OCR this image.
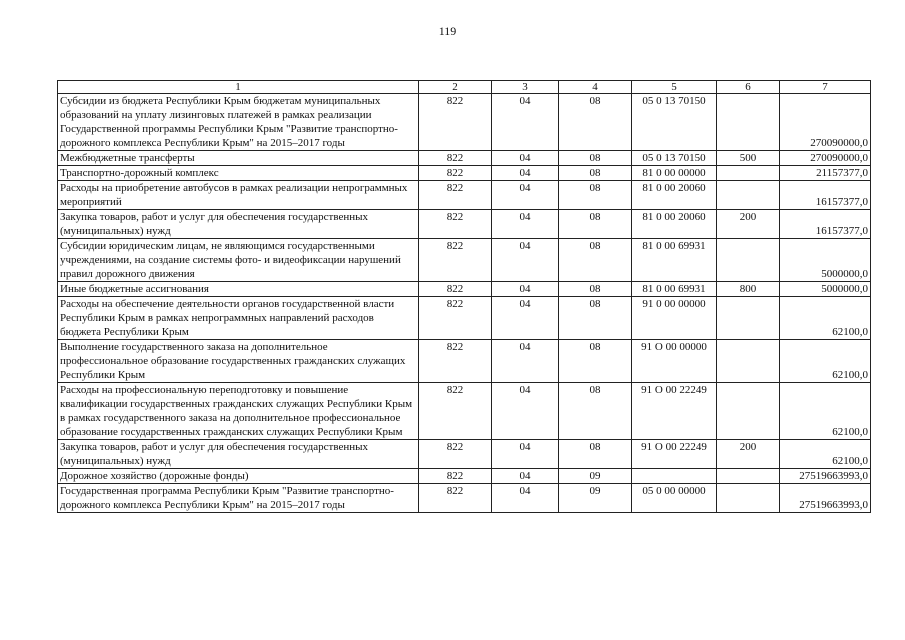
119
1	2	3	4	5	6	7
Субсидии из бюджета Республики Крым бюджетам муниципальных образований на уплату лизинговых платежей в рамках реализации Государственной программы Республики Крым "Развитие транспортно-дорожного комплекса Республики Крым" на 2015–2017 годы	822	04	08	05 0 13 70150		270090000,0
Межбюджетные трансферты	822	04	08	05 0 13 70150	500	270090000,0
Транспортно-дорожный комплекс	822	04	08	81 0 00 00000		21157377,0
Расходы на приобретение автобусов в рамках реализации непрограммных мероприятий	822	04	08	81 0 00 20060		16157377,0
Закупка товаров, работ и услуг для обеспечения государственных (муниципальных) нужд	822	04	08	81 0 00 20060	200	16157377,0
Субсидии юридическим лицам, не являющимся государственными учреждениями, на создание системы фото- и видеофиксации нарушений правил дорожного движения	822	04	08	81 0 00 69931		5000000,0
Иные бюджетные ассигнования	822	04	08	81 0 00 69931	800	5000000,0
Расходы на обеспечение деятельности органов государственной власти Республики Крым в рамках непрограммных направлений расходов бюджета Республики Крым	822	04	08	91 0 00 00000		62100,0
Выполнение государственного заказа на дополнительное профессиональное образование государственных гражданских служащих Республики Крым	822	04	08	91 О 00 00000		62100,0
Расходы на профессиональную переподготовку и повышение квалификации государственных гражданских служащих Республики Крым в рамках государственного заказа на дополнительное профессиональное образование государственных гражданских служащих Республики Крым	822	04	08	91 О 00 22249		62100,0
Закупка товаров, работ и услуг для обеспечения государственных (муниципальных) нужд	822	04	08	91 О 00 22249	200	62100,0
Дорожное хозяйство (дорожные фонды)	822	04	09			27519663993,0
Государственная программа Республики Крым "Развитие транспортно-дорожного комплекса Республики Крым" на 2015–2017 годы	822	04	09	05 0 00 00000		27519663993,0
